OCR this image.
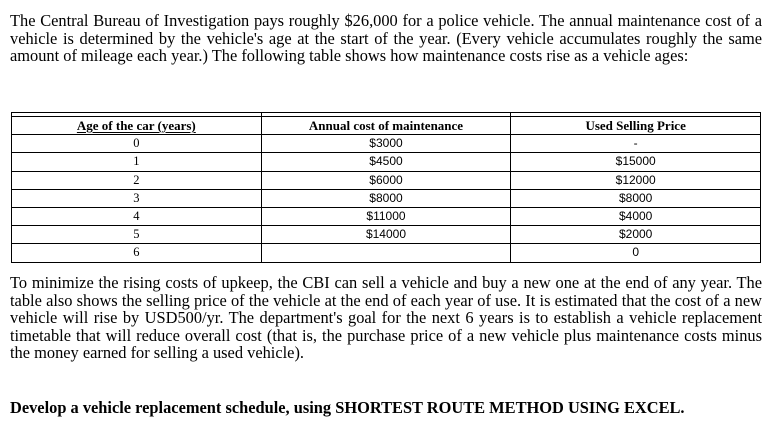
The Central Bureau of Investigation pays roughly $26,000 for a police vehicle. The annual maintenance cost of a vehicle is determined by the vehicle's age at the start of the year. (Every vehicle accumulates roughly the same amount of mileage each year.) The following table shows how maintenance costs rise as a vehicle ages:

Age of the car (years)	Annual cost of maintenance	Used Selling Price
0	$3000	-
1	$4500	$15000
2	$6000	$12000
3	$8000	$8000
4	$11000	$4000
5	$14000	$2000
6		0

To minimize the rising costs of upkeep, the CBI can sell a vehicle and buy a new one at the end of any year. The table also shows the selling price of the vehicle at the end of each year of use. It is estimated that the cost of a new vehicle will rise by USD500/yr. The department's goal for the next 6 years is to establish a vehicle replacement timetable that will reduce overall cost (that is, the purchase price of a new vehicle plus maintenance costs minus the money earned for selling a used vehicle).

Develop a vehicle replacement schedule, using SHORTEST ROUTE METHOD USING EXCEL.
